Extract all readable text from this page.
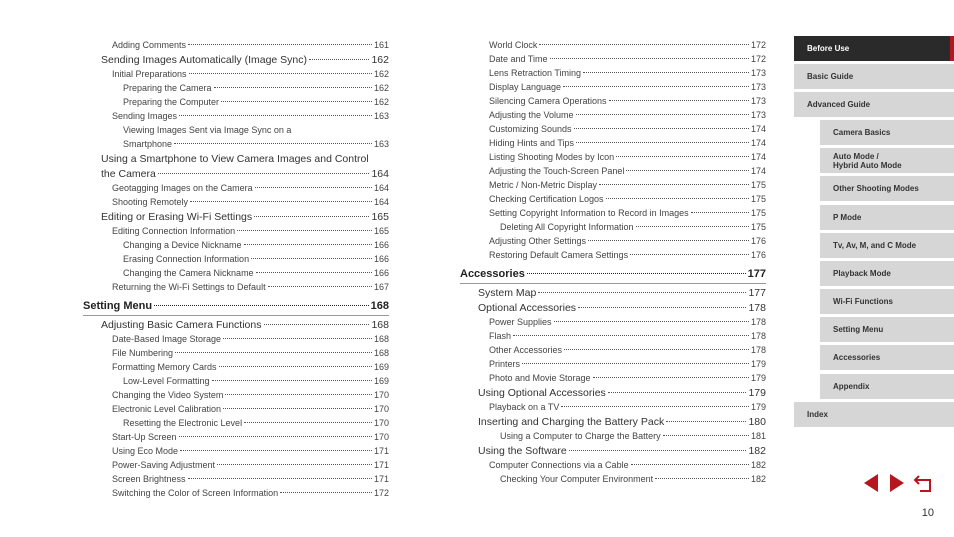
Adding Comments	161
Sending Images Automatically (Image Sync)	162
Initial Preparations	162
Preparing the Camera	162
Preparing the Computer	162
Sending Images	163
Viewing Images Sent via Image Sync on a
Smartphone	163
Using a Smartphone to View Camera Images and Control
the Camera	164
Geotagging Images on the Camera	164
Shooting Remotely	164
Editing or Erasing Wi-Fi Settings	165
Editing Connection Information	165
Changing a Device Nickname	166
Erasing Connection Information	166
Changing the Camera Nickname	166
Returning the Wi-Fi Settings to Default	167
Setting Menu	168
Adjusting Basic Camera Functions	168
Date-Based Image Storage	168
File Numbering	168
Formatting Memory Cards	169
Low-Level Formatting	169
Changing the Video System	170
Electronic Level Calibration	170
Resetting the Electronic Level	170
Start-Up Screen	170
Using Eco Mode	171
Power-Saving Adjustment	171
Screen Brightness	171
Switching the Color of Screen Information	172
World Clock	172
Date and Time	172
Lens Retraction Timing	173
Display Language	173
Silencing Camera Operations	173
Adjusting the Volume	173
Customizing Sounds	174
Hiding Hints and Tips	174
Listing Shooting Modes by Icon	174
Adjusting the Touch-Screen Panel	174
Metric / Non-Metric Display	175
Checking Certification Logos	175
Setting Copyright Information to Record in Images	175
Deleting All Copyright Information	175
Adjusting Other Settings	176
Restoring Default Camera Settings	176
Accessories	177
System Map	177
Optional Accessories	178
Power Supplies	178
Flash	178
Other Accessories	178
Printers	179
Photo and Movie Storage	179
Using Optional Accessories	179
Playback on a TV	179
Inserting and Charging the Battery Pack	180
Using a Computer to Charge the Battery	181
Using the Software	182
Computer Connections via a Cable	182
Checking Your Computer Environment	182
Before Use
Basic Guide
Advanced Guide
Camera Basics
Auto Mode /
Hybrid Auto Mode
Other Shooting Modes
P Mode
Tv, Av, M, and C Mode
Playback Mode
Wi-Fi Functions
Setting Menu
Accessories
Appendix
Index
10
